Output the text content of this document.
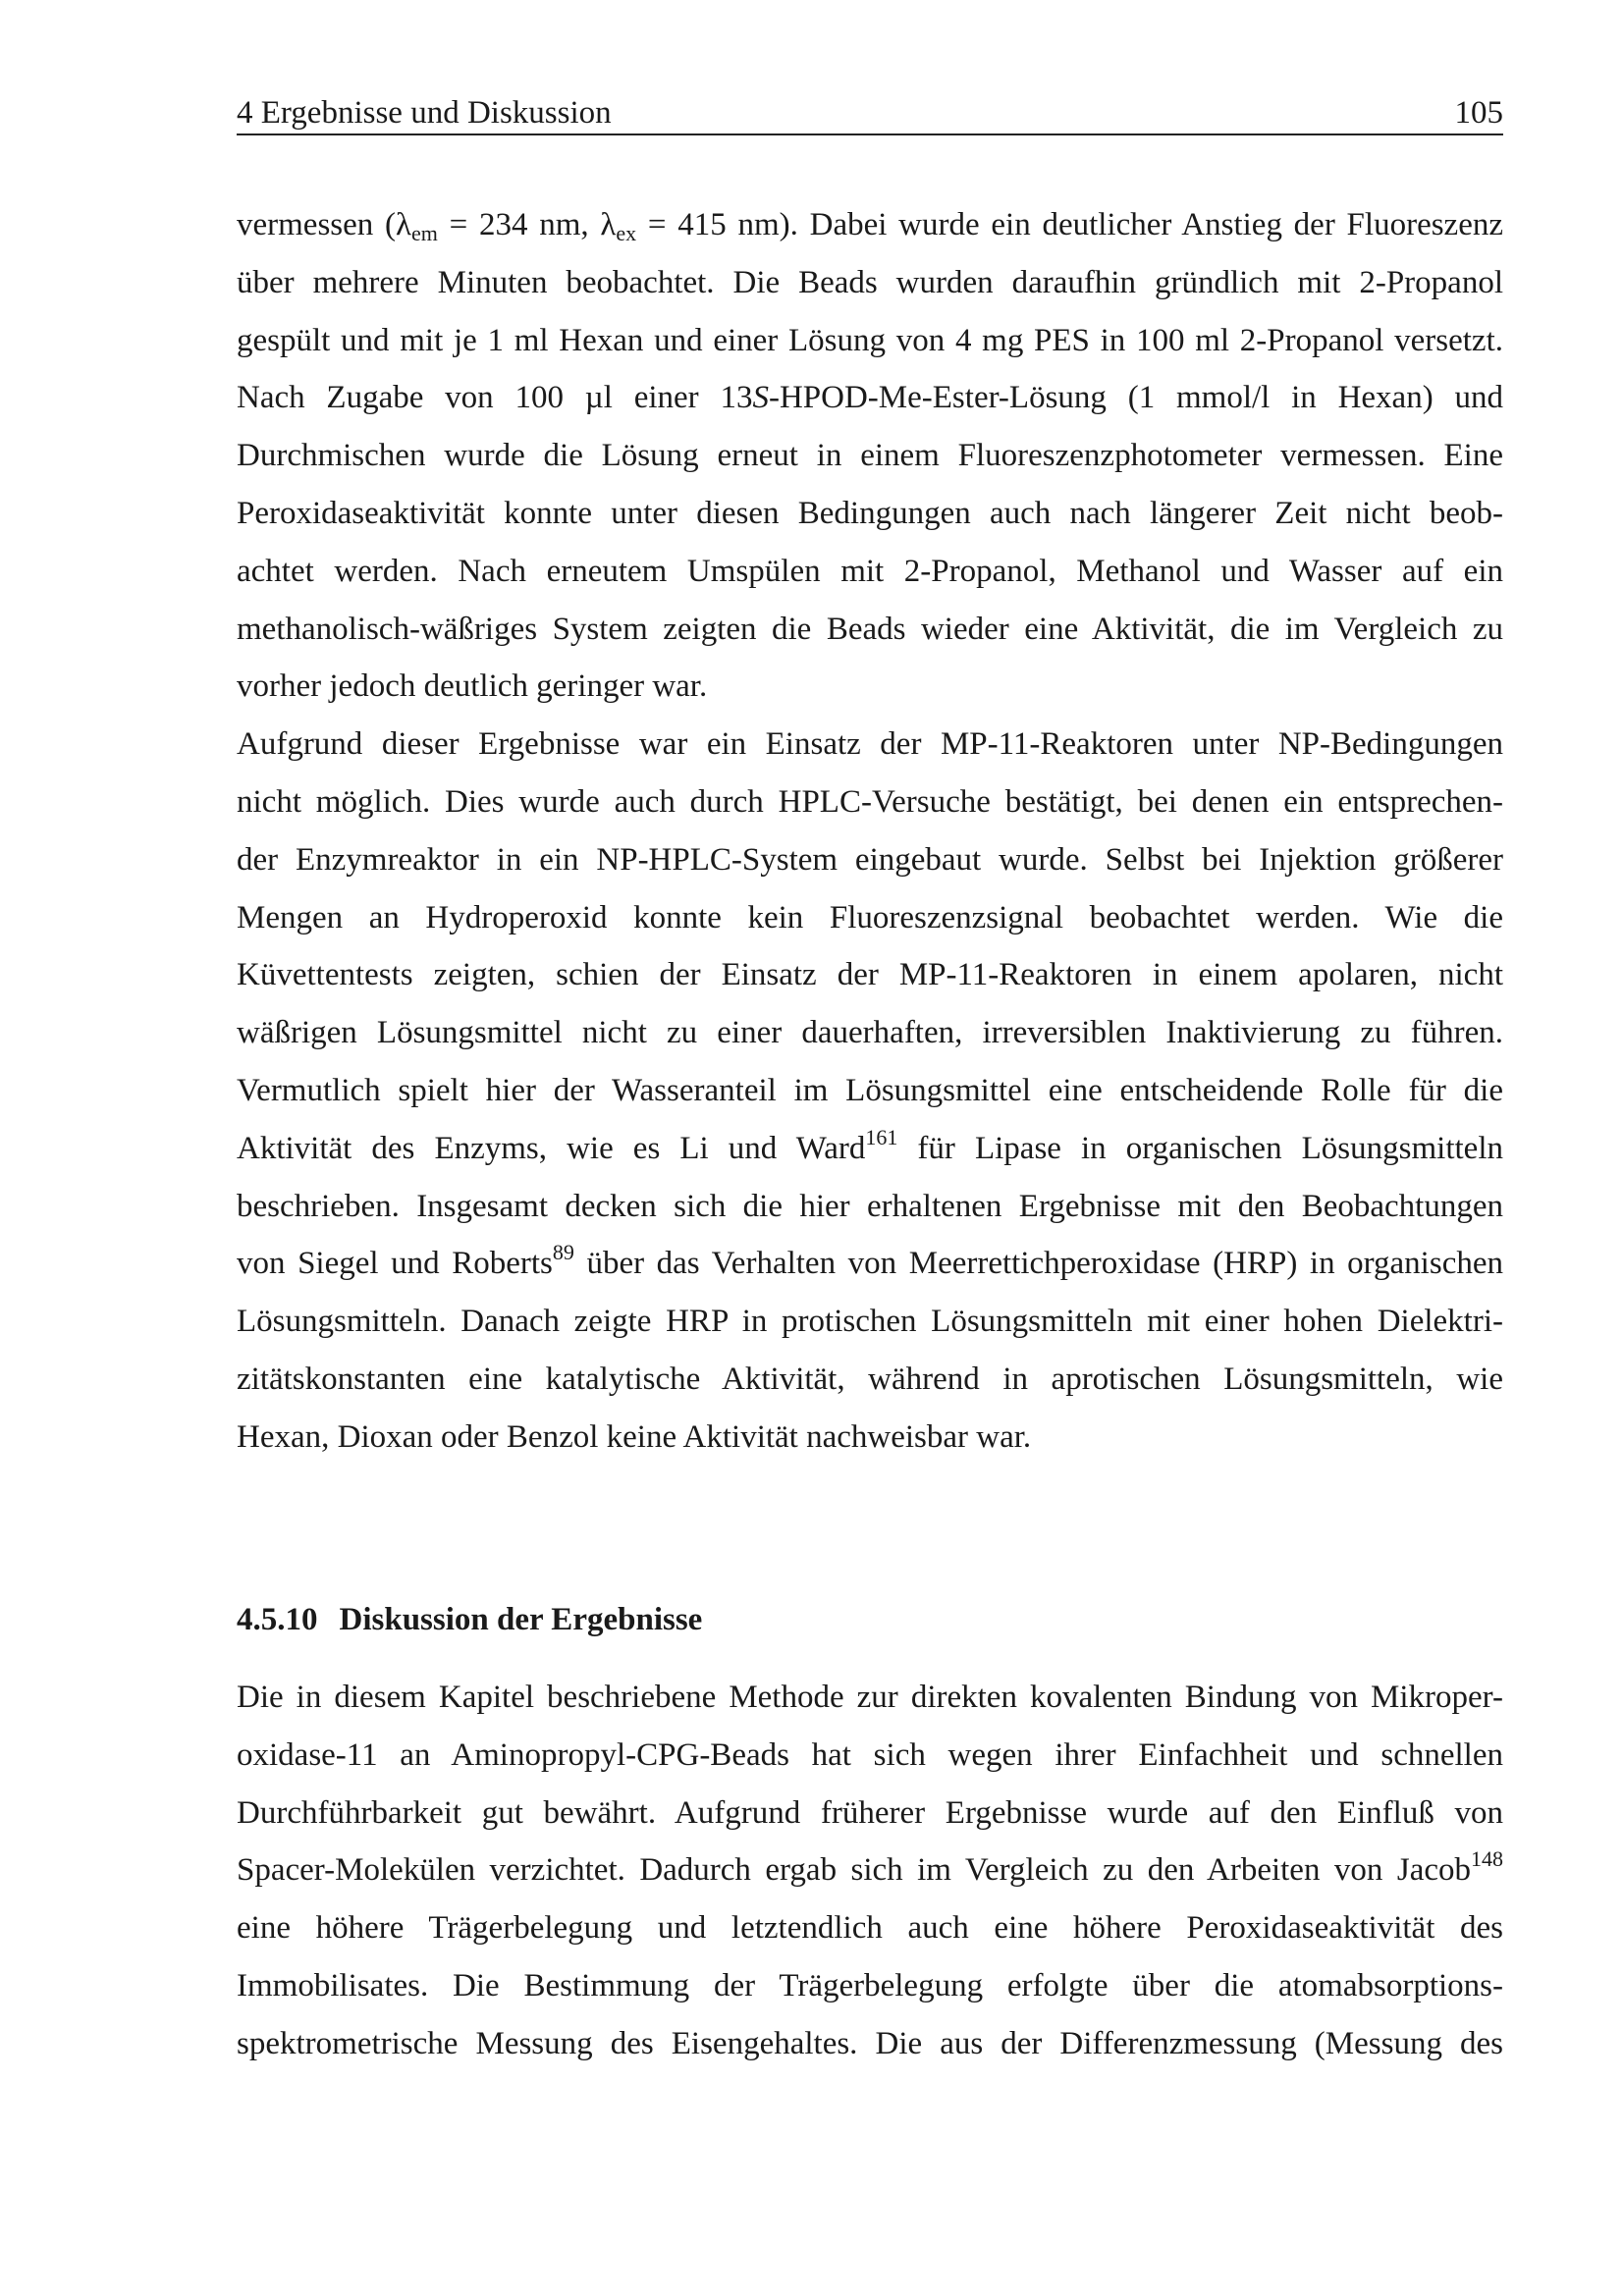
4 Ergebnisse und Diskussion	105
vermessen ($\lambda_{em} = 234$ nm, $\lambda_{ex} = 415$ nm). Dabei wurde ein deutlicher Anstieg der Fluoreszenz
über mehrere Minuten beobachtet. Die Beads wurden daraufhin gründlich mit 2-Propanol
gespült und mit je 1 ml Hexan und einer Lösung von 4 mg PES in 100 ml 2-Propanol versetzt.
Nach Zugabe von 100 µl einer 13S-HPOD-Me-Ester-Lösung (1 mmol/l in Hexan) und
Durchmischen wurde die Lösung erneut in einem Fluoreszenzphotometer vermessen. Eine
Peroxidaseaktivität konnte unter diesen Bedingungen auch nach längerer Zeit nicht beob-
achtet werden. Nach erneutem Umspülen mit 2-Propanol, Methanol und Wasser auf ein
methanolisch-wäßriges System zeigten die Beads wieder eine Aktivität, die im Vergleich zu
vorher jedoch deutlich geringer war.
Aufgrund dieser Ergebnisse war ein Einsatz der MP-11-Reaktoren unter NP-Bedingungen
nicht möglich. Dies wurde auch durch HPLC-Versuche bestätigt, bei denen ein entsprechen-
der Enzymreaktor in ein NP-HPLC-System eingebaut wurde. Selbst bei Injektion größerer
Mengen an Hydroperoxid konnte kein Fluoreszenzsignal beobachtet werden. Wie die
Küvettentests zeigten, schien der Einsatz der MP-11-Reaktoren in einem apolaren, nicht
wäßrigen Lösungsmittel nicht zu einer dauerhaften, irreversiblen Inaktivierung zu führen.
Vermutlich spielt hier der Wasseranteil im Lösungsmittel eine entscheidende Rolle für die
Aktivität des Enzyms, wie es Li und Ward$^{161}$ für Lipase in organischen Lösungsmitteln
beschrieben. Insgesamt decken sich die hier erhaltenen Ergebnisse mit den Beobachtungen
von Siegel und Roberts$^{89}$ über das Verhalten von Meerrettichperoxidase (HRP) in organischen
Lösungsmitteln. Danach zeigte HRP in protischen Lösungsmitteln mit einer hohen Dielektri-
zitätskonstanten eine katalytische Aktivität, während in aprotischen Lösungsmitteln, wie
Hexan, Dioxan oder Benzol keine Aktivität nachweisbar war.
4.5.10 Diskussion der Ergebnisse
Die in diesem Kapitel beschriebene Methode zur direkten kovalenten Bindung von Mikroper-
oxidase-11 an Aminopropyl-CPG-Beads hat sich wegen ihrer Einfachheit und schnellen
Durchführbarkeit gut bewährt. Aufgrund früherer Ergebnisse wurde auf den Einfluß von
Spacer-Molekülen verzichtet. Dadurch ergab sich im Vergleich zu den Arbeiten von Jacob$^{148}$
eine höhere Trägerbelegung und letztendlich auch eine höhere Peroxidaseaktivität des
Immobilisates. Die Bestimmung der Trägerbelegung erfolgte über die atomabsorptions-
spektrometrische Messung des Eisengehaltes. Die aus der Differenzmessung (Messung des
